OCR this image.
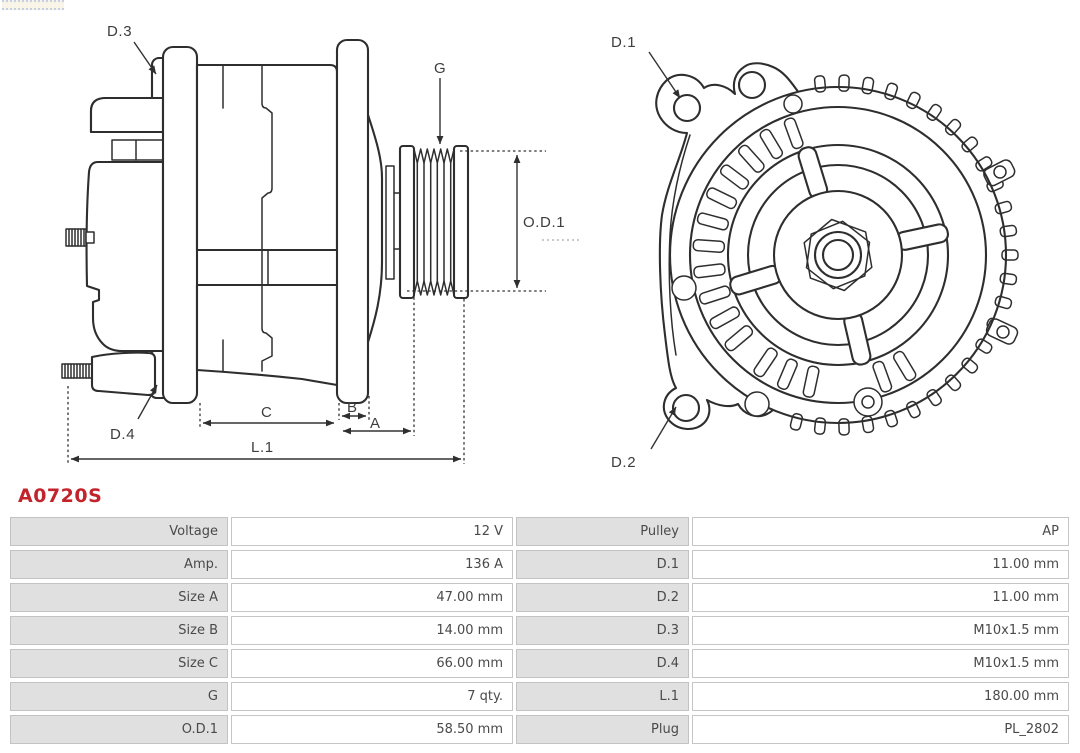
D.3
G
D.4
O.D.1
C	B
A
L.1
D.1
D.2
A0720S
Voltage	12 V	Pulley	AP
Amp.	136 A	D.1	11.00 mm
Size A	47.00 mm	D.2	11.00 mm
Size B	14.00 mm	D.3	M10x1.5 mm
Size C	66.00 mm	D.4	M10x1.5 mm
G	7 qty.	L.1	180.00 mm
O.D.1	58.50 mm	Plug	PL_2802
